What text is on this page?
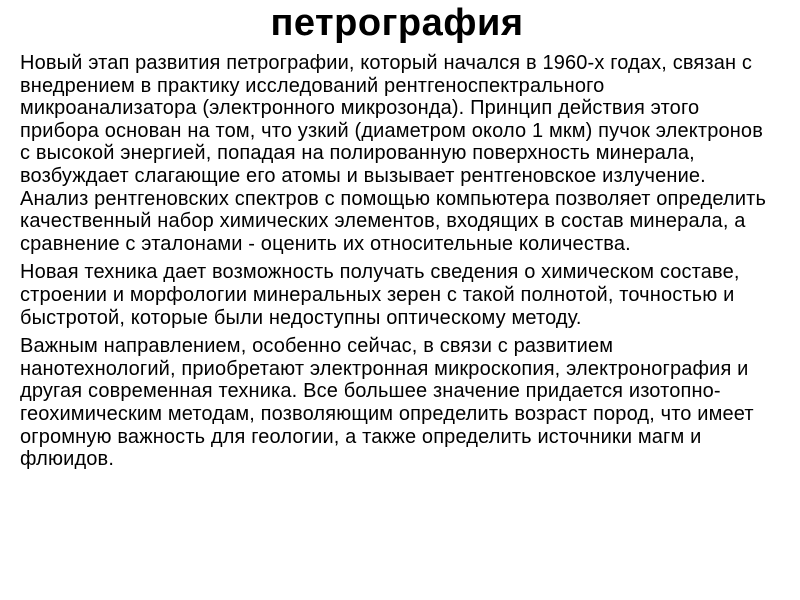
петрография

Новый этап развития петрографии, который начался в 1960-х годах, связан с внедрением в практику исследований рентгеноспектрального микроанализатора (электронного микрозонда). Принцип действия этого прибора основан на том, что узкий (диаметром около 1 мкм) пучок электронов с высокой энергией, попадая на полированную поверхность минерала, возбуждает слагающие его атомы и вызывает рентгеновское излучение. Анализ рентгеновских спектров с помощью компьютера позволяет определить качественный набор химических элементов, входящих в состав минерала, а сравнение с эталонами - оценить их относительные количества.

Новая техника дает возможность получать сведения о химическом составе, строении и морфологии минеральных зерен с такой полнотой, точностью и быстротой, которые были недоступны оптическому методу.

Важным направлением, особенно сейчас, в связи с развитием нанотехнологий, приобретают электронная микроскопия, электронография и другая современная техника. Все большее значение придается изотопно-геохимическим методам, позволяющим определить возраст пород, что имеет огромную важность для геологии, а также определить источники магм и флюидов.
